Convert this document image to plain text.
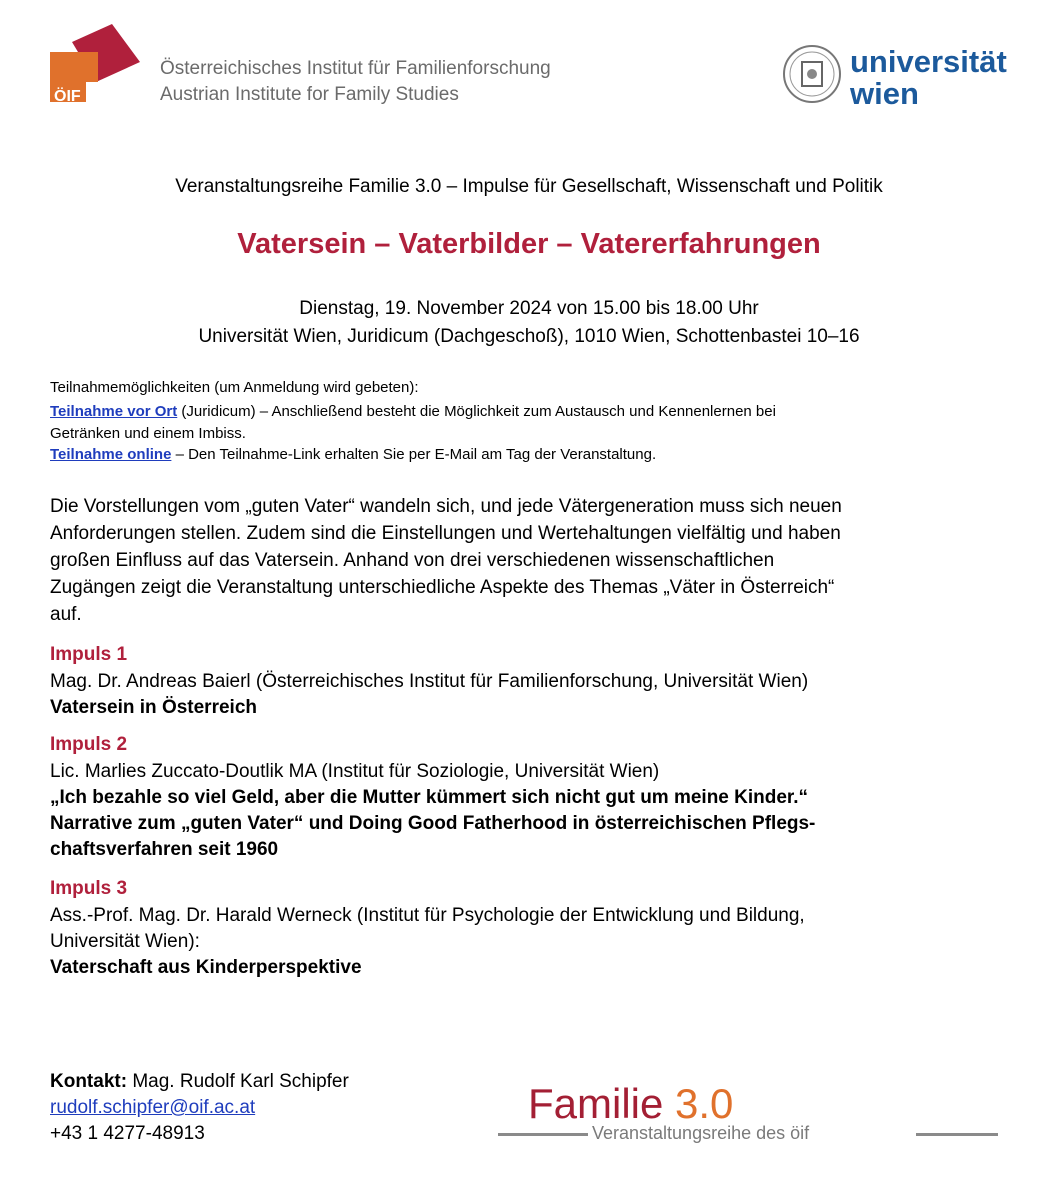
ÖIF
Österreichisches Institut für Familienforschung
Austrian Institute for Family Studies
universität
wien
Veranstaltungsreihe Familie 3.0 – Impulse für Gesellschaft, Wissenschaft und Politik
Vatersein – Vaterbilder – Vatererfahrungen
Dienstag, 19. November 2024 von 15.00 bis 18.00 Uhr
Universität Wien, Juridicum (Dachgeschoß), 1010 Wien, Schottenbastei 10–16
Teilnahmemöglichkeiten (um Anmeldung wird gebeten):
Teilnahme vor Ort (Juridicum) – Anschließend besteht die Möglichkeit zum Austausch und Kennenlernen bei
Getränken und einem Imbiss.
Teilnahme online – Den Teilnahme-Link erhalten Sie per E-Mail am Tag der Veranstaltung.
Die Vorstellungen vom „guten Vater“ wandeln sich, und jede Vätergeneration muss sich neuen
Anforderungen stellen. Zudem sind die Einstellungen und Wertehaltungen vielfältig und haben
großen Einfluss auf das Vatersein. Anhand von drei verschiedenen wissenschaftlichen
Zugängen zeigt die Veranstaltung unterschiedliche Aspekte des Themas „Väter in Österreich“
auf.
Impuls 1
Mag. Dr. Andreas Baierl (Österreichisches Institut für Familienforschung, Universität Wien)
Vatersein in Österreich
Impuls 2
Lic. Marlies Zuccato-Doutlik MA (Institut für Soziologie, Universität Wien)
„Ich bezahle so viel Geld, aber die Mutter kümmert sich nicht gut um meine Kinder.“
Narrative zum „guten Vater“ und Doing Good Fatherhood in österreichischen Pflegs-
chaftsverfahren seit 1960
Impuls 3
Ass.-Prof. Mag. Dr. Harald Werneck (Institut für Psychologie der Entwicklung und Bildung,
Universität Wien):
Vaterschaft aus Kinderperspektive
Kontakt: Mag. Rudolf Karl Schipfer
rudolf.schipfer@oif.ac.at
+43 1 4277-48913
Familie 3.0
Veranstaltungsreihe des öif
